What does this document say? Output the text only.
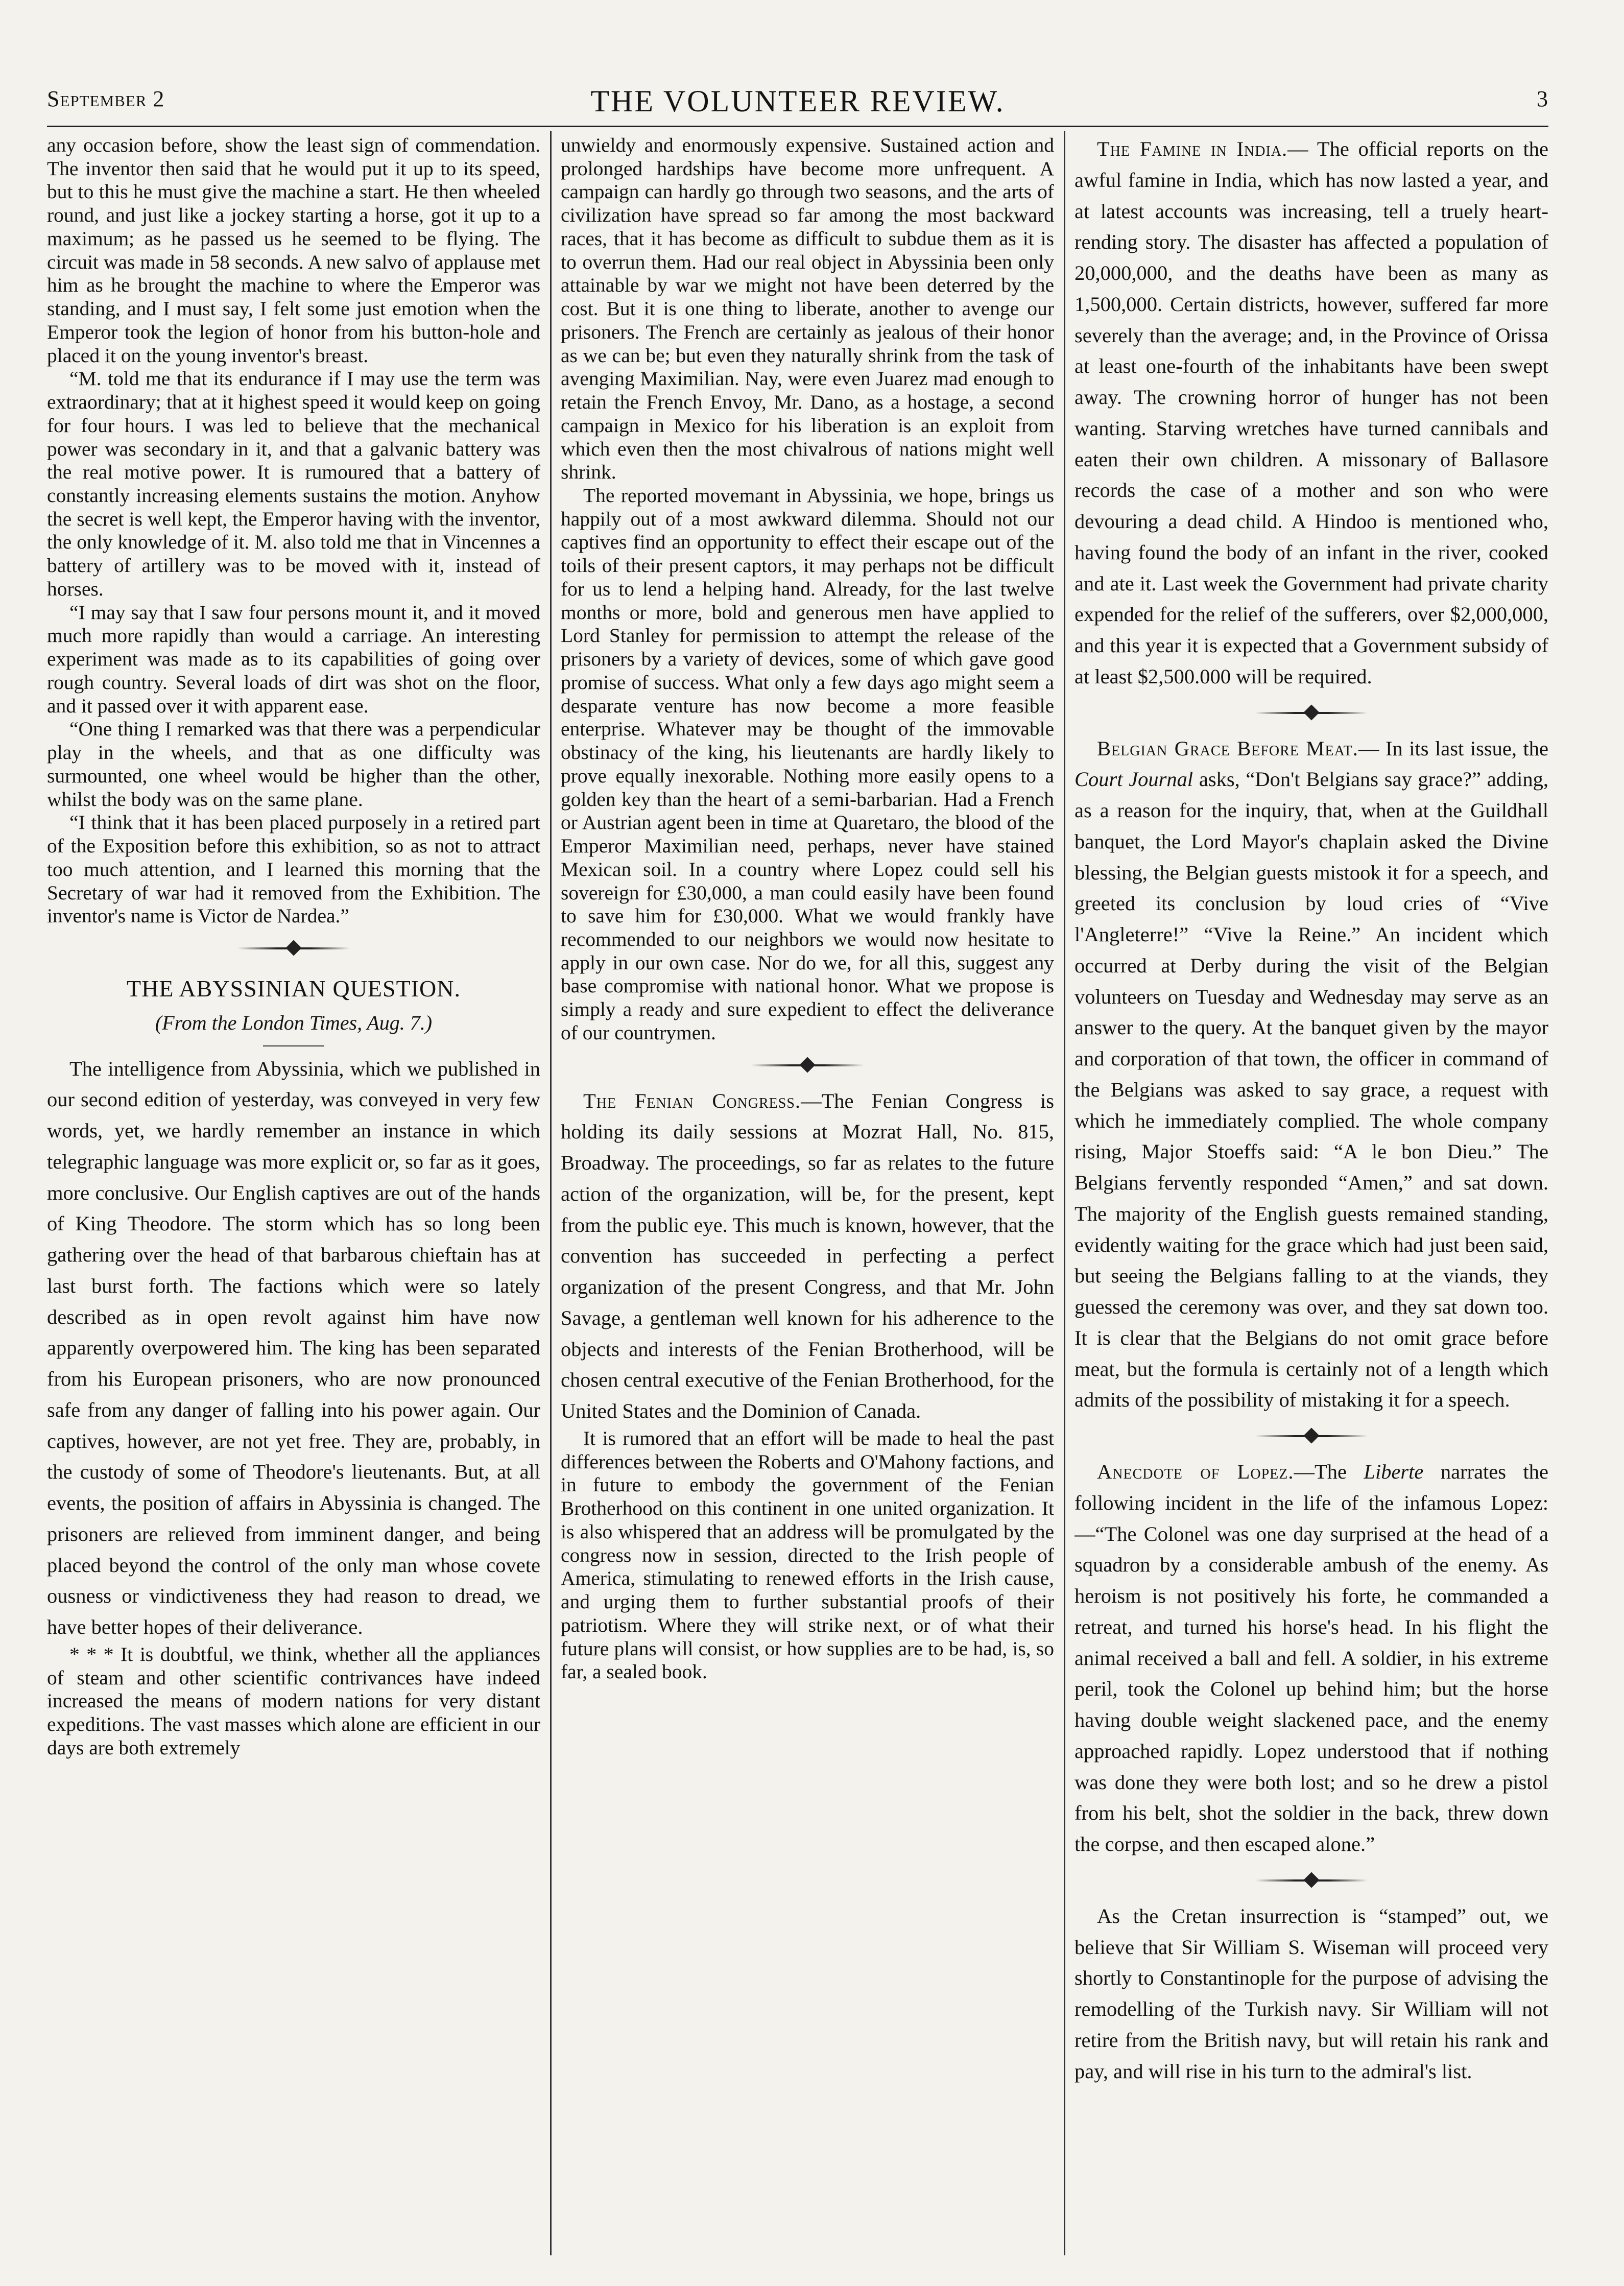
September 2	THE VOLUNTEER REVIEW.	3

any occasion before, show the least sign of commendation. The inventor then said that he would put it up to its speed, but to this he must give the machine a start. He then wheeled round, and just like a jockey starting a horse, got it up to a maximum; as he passed us he seemed to be flying. The circuit was made in 58 seconds. A new salvo of applause met him as he brought the machine to where the Emperor was standing, and I must say, I felt some just emotion when the Emperor took the legion of honor from his button-hole and placed it on the young inventor's breast.

“M. told me that its endurance if I may use the term was extraordinary; that at it highest speed it would keep on going for four hours. I was led to believe that the mechanical power was secondary in it, and that a galvanic battery was the real motive power. It is rumoured that a battery of constantly increasing elements sustains the motion. Anyhow the secret is well kept, the Emperor having with the inventor, the only knowledge of it. M. also told me that in Vincennes a battery of artillery was to be moved with it, instead of horses.

“I may say that I saw four persons mount it, and it moved much more rapidly than would a carriage. An interesting experiment was made as to its capabilities of going over rough country. Several loads of dirt was shot on the floor, and it passed over it with apparent ease.

“One thing I remarked was that there was a perpendicular play in the wheels, and that as one difficulty was surmounted, one wheel would be higher than the other, whilst the body was on the same plane.

“I think that it has been placed purposely in a retired part of the Exposition before this exhibition, so as not to attract too much attention, and I learned this morning that the Secretary of war had it removed from the Exhibition. The inventor's name is Victor de Nardea.”

THE ABYSSINIAN QUESTION.
(From the London Times, Aug. 7.)

The intelligence from Abyssinia, which we published in our second edition of yesterday, was conveyed in very few words, yet, we hardly remember an instance in which telegraphic language was more explicit or, so far as it goes, more conclusive. Our English captives are out of the hands of King Theodore. The storm which has so long been gathering over the head of that barbarous chieftain has at last burst forth. The factions which were so lately described as in open revolt against him have now apparently overpowered him. The king has been separated from his European prisoners, who are now pronounced safe from any danger of falling into his power again. Our captives, however, are not yet free. They are, probably, in the custody of some of Theodore's lieutenants. But, at all events, the position of affairs in Abyssinia is changed. The prisoners are relieved from imminent danger, and being placed beyond the control of the only man whose covete ousness or vindictiveness they had reason to dread, we have better hopes of their deliverance.

* * * It is doubtful, we think, whether all the appliances of steam and other scientific contrivances have indeed increased the means of modern nations for very distant expeditions. The vast masses which alone are efficient in our days are both extremely

unwieldy and enormously expensive. Sustained action and prolonged hardships have become more unfrequent. A campaign can hardly go through two seasons, and the arts of civilization have spread so far among the most backward races, that it has become as difficult to subdue them as it is to overrun them. Had our real object in Abyssinia been only attainable by war we might not have been deterred by the cost. But it is one thing to liberate, another to avenge our prisoners. The French are certainly as jealous of their honor as we can be; but even they naturally shrink from the task of avenging Maximilian. Nay, were even Juarez mad enough to retain the French Envoy, Mr. Dano, as a hostage, a second campaign in Mexico for his liberation is an exploit from which even then the most chivalrous of nations might well shrink.

The reported movemant in Abyssinia, we hope, brings us happily out of a most awkward dilemma. Should not our captives find an opportunity to effect their escape out of the toils of their present captors, it may perhaps not be difficult for us to lend a helping hand. Already, for the last twelve months or more, bold and generous men have applied to Lord Stanley for permission to attempt the release of the prisoners by a variety of devices, some of which gave good promise of success. What only a few days ago might seem a desparate venture has now become a more feasible enterprise. Whatever may be thought of the immovable obstinacy of the king, his lieutenants are hardly likely to prove equally inexorable. Nothing more easily opens to a golden key than the heart of a semi-barbarian. Had a French or Austrian agent been in time at Quaretaro, the blood of the Emperor Maximilian need, perhaps, never have stained Mexican soil. In a country where Lopez could sell his sovereign for £30,000, a man could easily have been found to save him for £30,000. What we would frankly have recommended to our neighbors we would now hesitate to apply in our own case. Nor do we, for all this, suggest any base compromise with national honor. What we propose is simply a ready and sure expedient to effect the deliverance of our countrymen.

The Fenian Congress.—The Fenian Congress is holding its daily sessions at Mozrat Hall, No. 815, Broadway. The proceedings, so far as relates to the future action of the organization, will be, for the present, kept from the public eye. This much is known, however, that the convention has succeeded in perfecting a perfect organization of the present Congress, and that Mr. John Savage, a gentleman well known for his adherence to the objects and interests of the Fenian Brotherhood, will be chosen central executive of the Fenian Brotherhood, for the United States and the Dominion of Canada.

It is rumored that an effort will be made to heal the past differences between the Roberts and O'Mahony factions, and in future to embody the government of the Fenian Brotherhood on this continent in one united organization. It is also whispered that an address will be promulgated by the congress now in session, directed to the Irish people of America, stimulating to renewed efforts in the Irish cause, and urging them to further substantial proofs of their patriotism. Where they will strike next, or of what their future plans will consist, or how supplies are to be had, is, so far, a sealed book.

The Famine in India.— The official reports on the awful famine in India, which has now lasted a year, and at latest accounts was increasing, tell a truely heart-rending story. The disaster has affected a population of 20,000,000, and the deaths have been as many as 1,500,000. Certain districts, however, suffered far more severely than the average; and, in the Province of Orissa at least one-fourth of the inhabitants have been swept away. The crowning horror of hunger has not been wanting. Starving wretches have turned cannibals and eaten their own children. A missonary of Ballasore records the case of a mother and son who were devouring a dead child. A Hindoo is mentioned who, having found the body of an infant in the river, cooked and ate it. Last week the Government had private charity expended for the relief of the sufferers, over $2,000,000, and this year it is expected that a Government subsidy of at least $2,500.000 will be required.

Belgian Grace Before Meat.— In its last issue, the Court Journal asks, “Don't Belgians say grace?” adding, as a reason for the inquiry, that, when at the Guildhall banquet, the Lord Mayor's chaplain asked the Divine blessing, the Belgian guests mistook it for a speech, and greeted its conclusion by loud cries of “Vive l'Angleterre!” “Vive la Reine.” An incident which occurred at Derby during the visit of the Belgian volunteers on Tuesday and Wednesday may serve as an answer to the query. At the banquet given by the mayor and corporation of that town, the officer in command of the Belgians was asked to say grace, a request with which he immediately complied. The whole company rising, Major Stoeffs said: “A le bon Dieu.” The Belgians fervently responded “Amen,” and sat down. The majority of the English guests remained standing, evidently waiting for the grace which had just been said, but seeing the Belgians falling to at the viands, they guessed the ceremony was over, and they sat down too. It is clear that the Belgians do not omit grace before meat, but the formula is certainly not of a length which admits of the possibility of mistaking it for a speech.

Anecdote of Lopez.—The Liberte narrates the following incident in the life of the infamous Lopez:—“The Colonel was one day surprised at the head of a squadron by a considerable ambush of the enemy. As heroism is not positively his forte, he commanded a retreat, and turned his horse's head. In his flight the animal received a ball and fell. A soldier, in his extreme peril, took the Colonel up behind him; but the horse having double weight slackened pace, and the enemy approached rapidly. Lopez understood that if nothing was done they were both lost; and so he drew a pistol from his belt, shot the soldier in the back, threw down the corpse, and then escaped alone.”

As the Cretan insurrection is “stamped” out, we believe that Sir William S. Wiseman will proceed very shortly to Constantinople for the purpose of advising the remodelling of the Turkish navy. Sir William will not retire from the British navy, but will retain his rank and pay, and will rise in his turn to the admiral's list.
